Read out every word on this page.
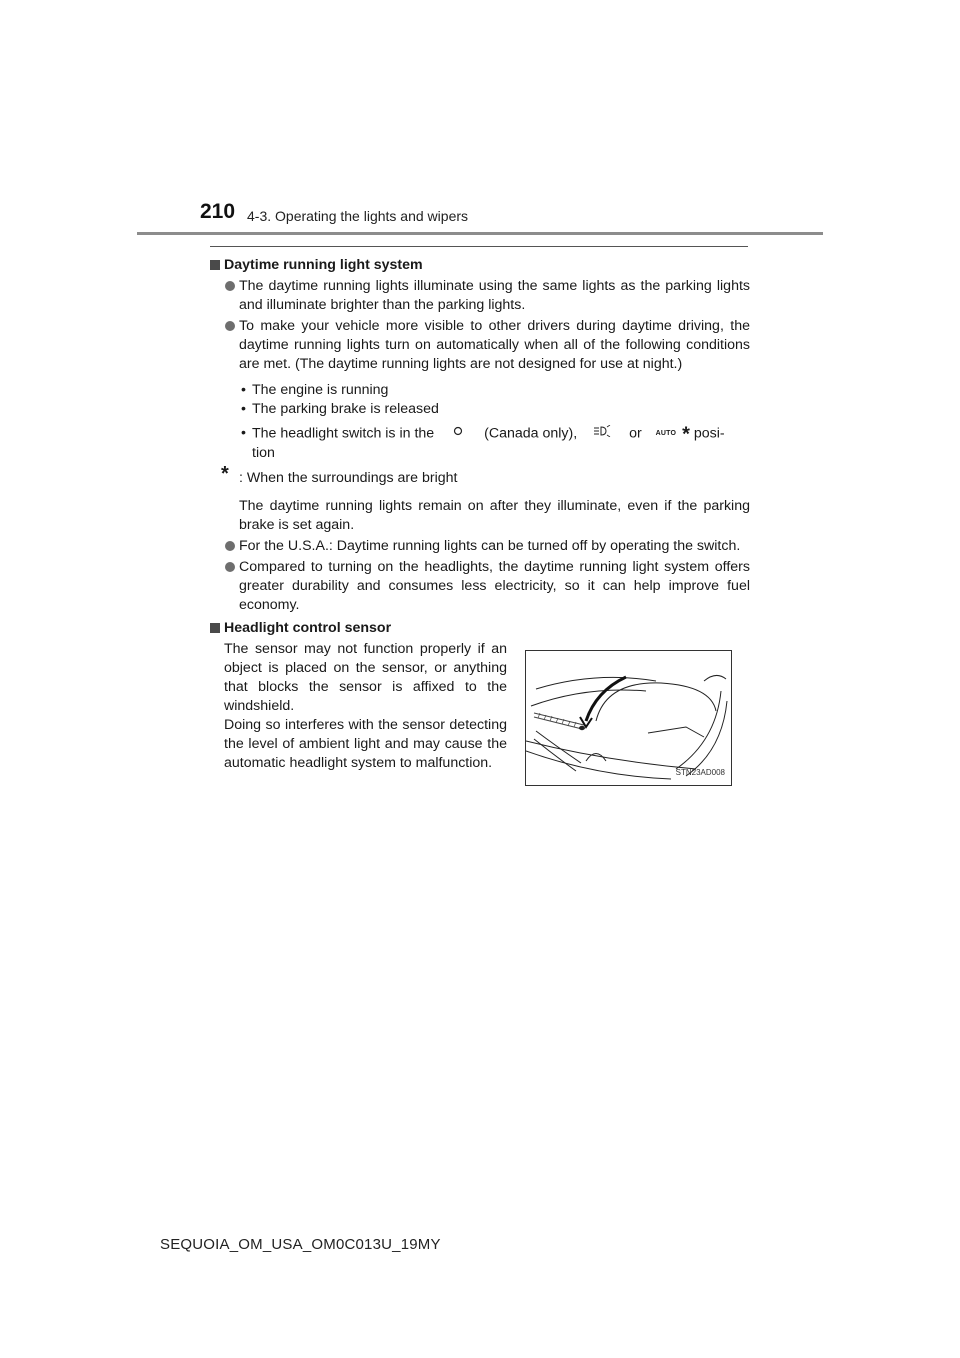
210 4-3. Operating the lights and wipers

Daytime running light system

The daytime running lights illuminate using the same lights as the parking lights and illuminate brighter than the parking lights.

To make your vehicle more visible to other drivers during daytime driving, the daytime running lights turn on automatically when all of the following conditions are met. (The daytime running lights are not designed for use at night.)

• The engine is running

• The parking brake is released

• The headlight switch is in the	(Canada only),	or AUTO * posi-

tion

* : When the surroundings are bright

The daytime running lights remain on after they illuminate, even if the parking brake is set again.

For the U.S.A.: Daytime running lights can be turned off by operating the switch.

Compared to turning on the headlights, the daytime running light system offers greater durability and consumes less electricity, so it can help improve fuel economy.

Headlight control sensor

The sensor may not function properly if an object is placed on the sensor, or anything that blocks the sensor is affixed to the windshield.
Doing so interferes with the sensor detecting the level of ambient light and may cause the automatic headlight system to malfunction.
STN23AD008
SEQUOIA_OM_USA_OM0C013U_19MY
